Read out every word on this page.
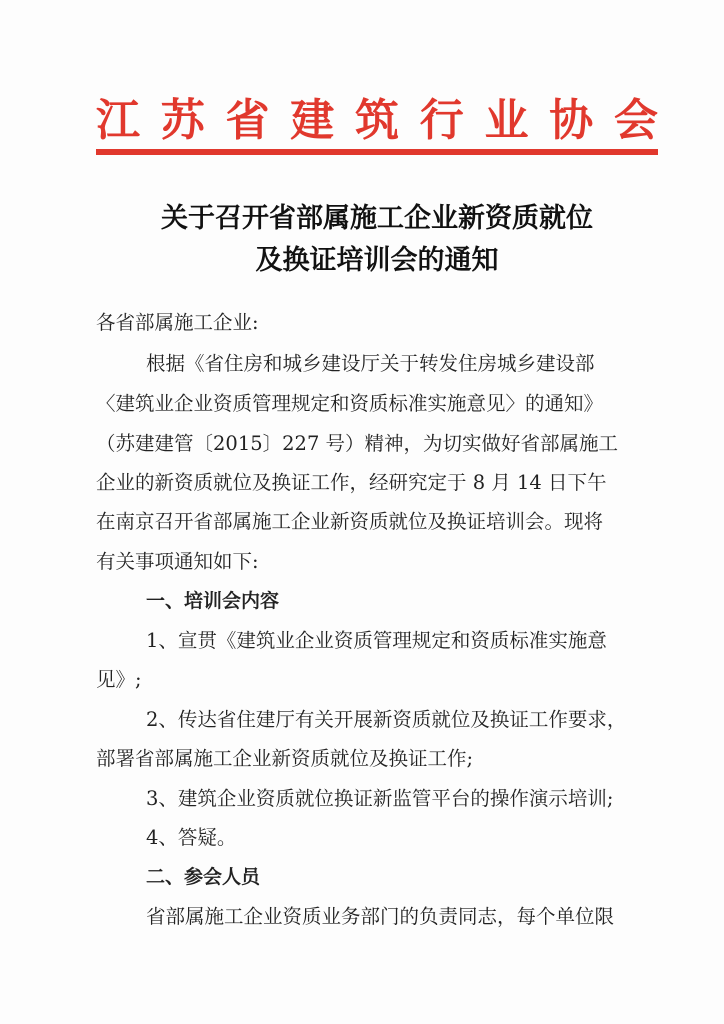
江 苏 省 建 筑 行 业 协 会
关于召开省部属施工企业新资质就位
及换证培训会的通知
各省部属施工企业:
根据《省住房和城乡建设厅关于转发住房城乡建设部
〈建筑业企业资质管理规定和资质标准实施意见〉的通知》
（苏建建管〔2015〕227 号）精神，为切实做好省部属施工
企业的新资质就位及换证工作，经研究定于 8 月 14 日下午
在南京召开省部属施工企业新资质就位及换证培训会。现将
有关事项通知如下:
一、培训会内容
1、宣贯《建筑业企业资质管理规定和资质标准实施意
见》;
2、传达省住建厅有关开展新资质就位及换证工作要求，
部署省部属施工企业新资质就位及换证工作;
3、建筑企业资质就位换证新监管平台的操作演示培训;
4、答疑。
二、参会人员
省部属施工企业资质业务部门的负责同志，每个单位限
